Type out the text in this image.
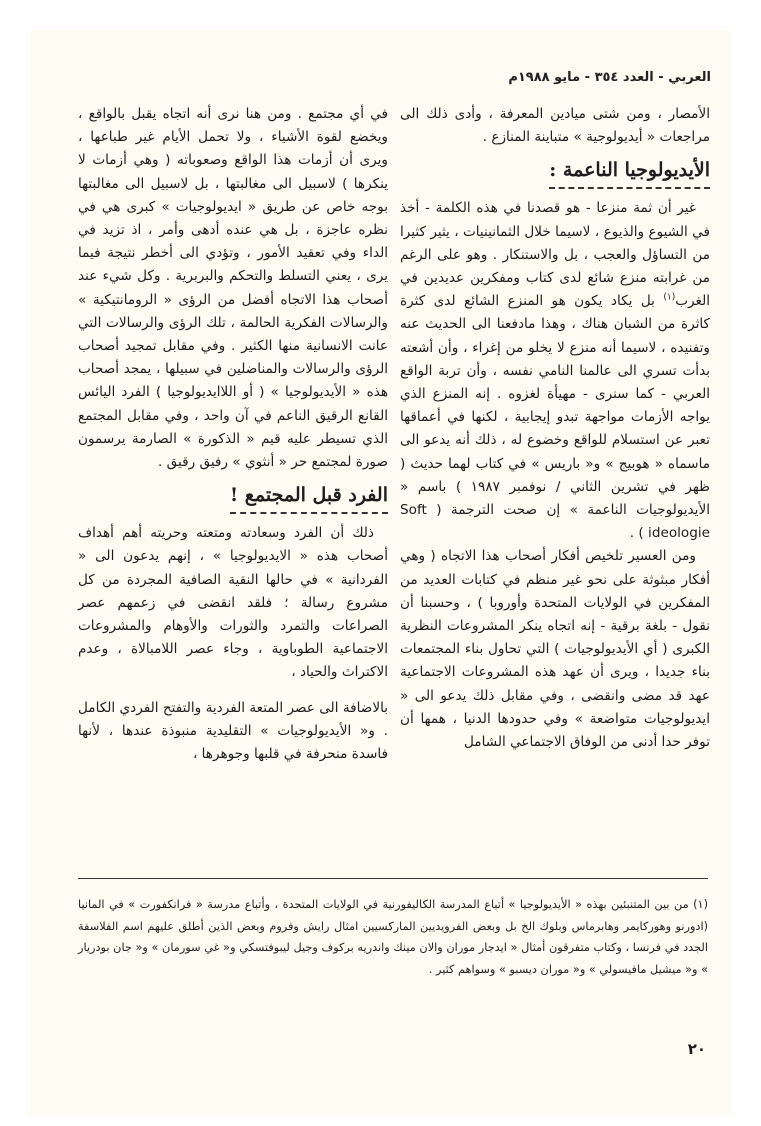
العربي - العدد ٣٥٤ - مايو ١٩٨٨م

الأمصار ، ومن شتى ميادين المعرفة ، وأدى ذلك الى مراجعات « أيديولوجية » متباينة المنازع .

الأيديولوجيا الناعمة :

غير أن ثمة منزعا - هو قصدنا في هذه الكلمة - أخذ في الشيوع والذيوع ، لاسيما خلال الثمانينيات ، يثير كثيرا من التساؤل والعجب ، بل والاستنكار . وهو على الرغم من غرابته منزع شائع لدى كتاب ومفكرين عديدين في الغرب$^{(١)}$ بل يكاد يكون هو المنزع الشائع لدى كثرة كاثرة من الشبان هناك ، وهذا مادفعنا الى الحديث عنه وتفنيده ، لاسيما أنه منزع لا يخلو من إغراء ، وأن أشعته بدأت تسري الى عالمنا النامي نفسه ، وأن تربة الواقع العربي - كما سنرى - مهيأة لغزوه . إنه المنزع الذي يواجه الأزمات مواجهة تبدو إيجابية ، لكنها في أعماقها تعبر عن استسلام للواقع وخضوع له ، ذلك أنه يدعو الى ماسماه « هوبيج » و« باريس » في كتاب لهما حديث ( ظهر في تشرين الثاني / نوفمبر ١٩٨٧ ) باسم « الأيديولوجيات الناعمة » إن صحت الترجمة ( Soft ideologie ) .

ومن العسير تلخيص أفكار أصحاب هذا الاتجاه ( وهي أفكار مبثوثة على نحو غير منظم في كتابات العديد من المفكرين في الولايات المتحدة وأوروبا ) ، وحسبنا أن نقول - بلغة برقية - إنه اتجاه ينكر المشروعات النظرية الكبرى ( أي الأيديولوجيات ) التي تحاول بناء المجتمعات بناء جديدا ، ويرى أن عهد هذه المشروعات الاجتماعية عهد قد مضى وانقضى ، وفي مقابل ذلك يدعو الى « ايديولوجيات متواضعة » وفي حدودها الدنيا ، همها أن توفر حدا أدنى من الوفاق الاجتماعي الشامل

في أي مجتمع . ومن هنا نرى أنه اتجاه يقبل بالواقع ، ويخضع لقوة الأشياء ، ولا تحمل الأيام غير طباعها ، ويرى أن أزمات هذا الواقع وصعوباته ( وهي أزمات لا ينكرها ) لاسبيل الى مغالبتها ، بل لاسبيل الى مغالبتها بوجه خاص عن طريق « ايديولوجيات » كبرى هي في نظره عاجزة ، بل هي عنده أدهى وأمر ، اذ تزيد في الداء وفي تعقيد الأمور ، وتؤدي الى أخطر نتيجة فيما يرى ، يعني التسلط والتحكم والبربرية . وكل شيء عند أصحاب هذا الاتجاه أفضل من الرؤى « الرومانتيكية » والرسالات الفكرية الحالمة ، تلك الرؤى والرسالات التي عانت الانسانية منها الكثير . وفي مقابل تمجيد أصحاب الرؤى والرسالات والمناضلين في سبيلها ، يمجد أصحاب هذه « الأيديولوجيا » ( أو اللاايديولوجيا ) الفرد اليائس القانع الرقيق الناعم في آن واحد ، وفي مقابل المجتمع الذي تسيطر عليه قيم « الذكورة » الصارمة يرسمون صورة لمجتمع حر « أنثوي » رفيق رقيق .

الفرد قبل المجتمع !

ذلك أن الفرد وسعادته ومتعته وحريته أهم أهداف أصحاب هذه « الايديولوجيا » ، إنهم يدعون الى « الفردانية » في حالها النقية الصافية المجردة من كل مشروع رسالة ؛ فلقد انقضى في زعمهم عصر الصراعات والتمرد والثورات والأوهام والمشروعات الاجتماعية الطوباوية ، وجاء عصر اللامبالاة ، وعدم الاكتراث والحياد ،

بالاضافة الى عصر المتعة الفردية والتفتح الفردي الكامل . و« الأيديولوجيات » التقليدية منبوذة عندها ، لأنها فاسدة منحرفة في قلبها وجوهرها ،

(١) من بين المتنبئين بهذه « الأيديولوجيا » أتباع المدرسة الكاليفورنية في الولايات المتحدة ، وأتباع مدرسة « فرانكفورت » في المانيا (ادورنو وهوركايمر وهابرماس وبلوك الخ بل وبعض الفرويديين الماركسيين امثال رايش وفروم وبعض الذين أطلق عليهم اسم الفلاسفة الجدد في فرنسا ، وكتاب متفرقون أمثال « ايدجار موران والان مينك واندريه بركوف وجيل ليبوفتسكي و« غي سورمان » و« جان بودريار » و« ميشيل مافيسولي » و« موران ديسبو » وسواهم كثير .
٢٠
